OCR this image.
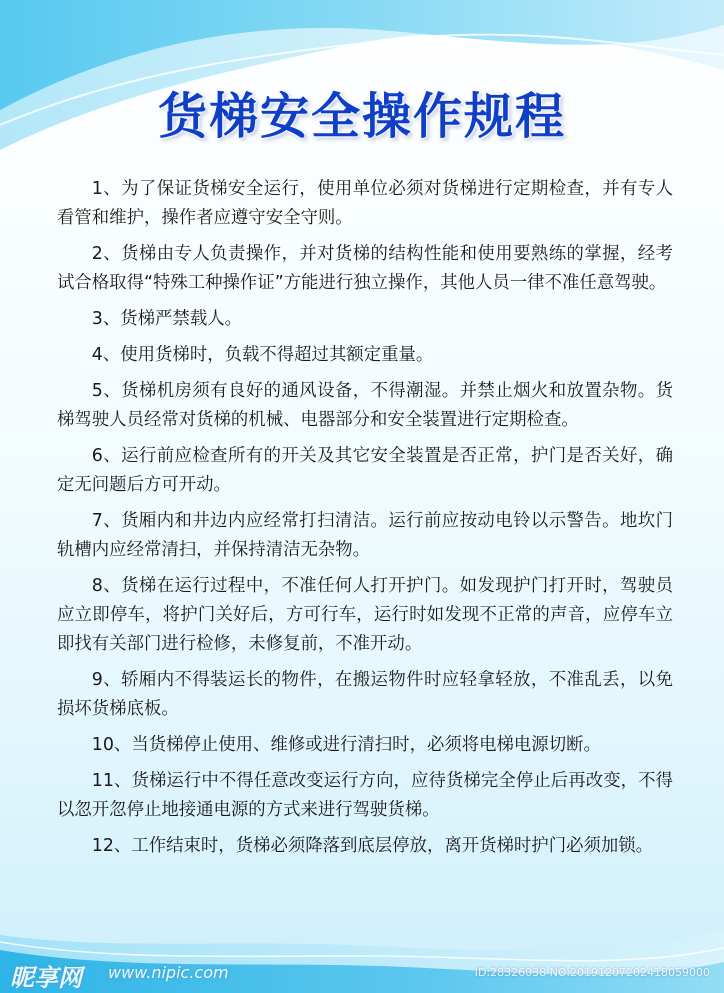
货梯安全操作规程

1、为了保证货梯安全运行，使用单位必须对货梯进行定期检查，并有专人看管和维护，操作者应遵守安全守则。

2、货梯由专人负责操作，并对货梯的结构性能和使用要熟练的掌握，经考试合格取得“特殊工种操作证”方能进行独立操作，其他人员一律不准任意驾驶。

3、货梯严禁载人。

4、使用货梯时，负载不得超过其额定重量。

5、货梯机房须有良好的通风设备，不得潮湿。并禁止烟火和放置杂物。货梯驾驶人员经常对货梯的机械、电器部分和安全装置进行定期检查。

6、运行前应检查所有的开关及其它安全装置是否正常，护门是否关好，确定无问题后方可开动。

7、货厢内和井边内应经常打扫清洁。运行前应按动电铃以示警告。地坎门轨槽内应经常清扫，并保持清洁无杂物。

8、货梯在运行过程中，不准任何人打开护门。如发现护门打开时，驾驶员应立即停车，将护门关好后，方可行车，运行时如发现不正常的声音，应停车立即找有关部门进行检修，未修复前，不准开动。

9、轿厢内不得装运长的物件，在搬运物件时应轻拿轻放，不准乱丢，以免损坏货梯底板。

10、当货梯停止使用、维修或进行清扫时，必须将电梯电源切断。

11、货梯运行中不得任意改变运行方向，应待货梯完全停止后再改变，不得以忽开忽停止地接通电源的方式来进行驾驶货梯。

12、工作结束时，货梯必须降落到底层停放，离开货梯时护门必须加锁。

昵享网 www.nipic.com	ID:28326038 NO:20191207202418059000
